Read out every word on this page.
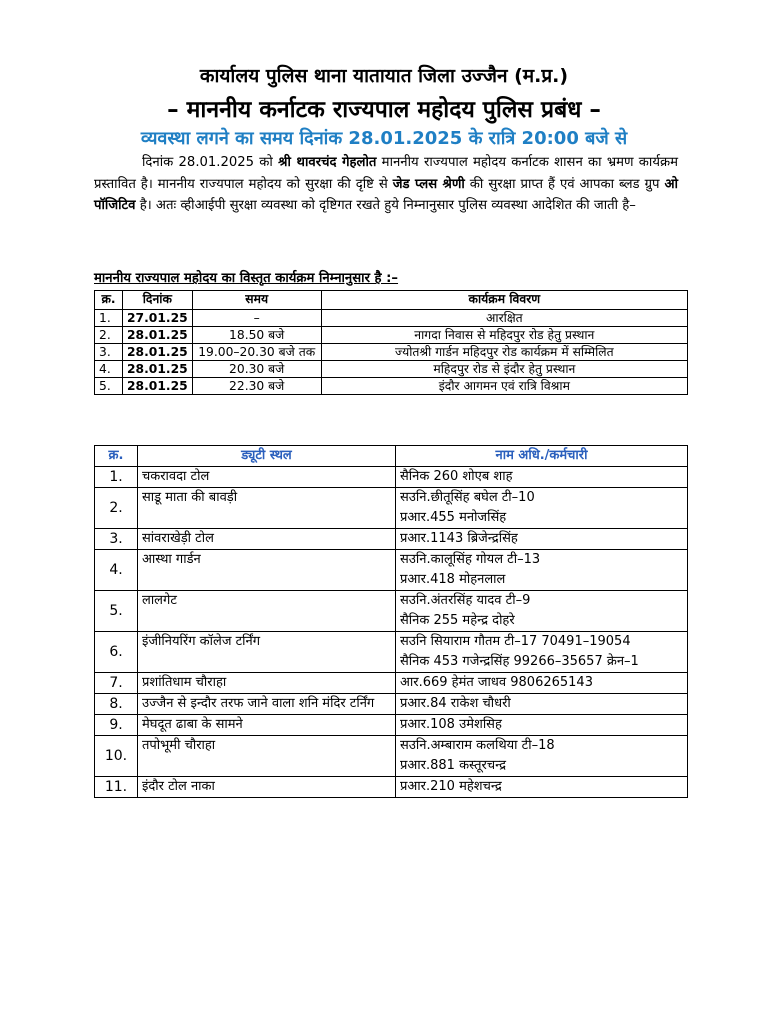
कार्यालय पुलिस थाना यातायात जिला उज्जैन (म.प्र.)
– माननीय कर्नाटक राज्यपाल महोदय पुलिस प्रबंध –
व्यवस्था लगने का समय दिनांक 28.01.2025 के रात्रि 20:00 बजे से
दिनांक 28.01.2025 को श्री थावरचंद गेहलोत माननीय राज्यपाल महोदय कर्नाटक शासन का भ्रमण कार्यक्रम प्रस्तावित है। माननीय राज्यपाल महोदय को सुरक्षा की दृष्टि से जेड प्लस श्रेणी की सुरक्षा प्राप्त हैं एवं आपका ब्लड ग्रुप ओ पॉजिटिव है। अतः व्हीआईपी सुरक्षा व्यवस्था को दृष्टिगत रखते हुये निम्नानुसार पुलिस व्यवस्था आदेशित की जाती है–
माननीय राज्यपाल महोदय का विस्तृत कार्यक्रम निम्नानुसार है :–
क्र.	दिनांक	समय	कार्यक्रम विवरण
1.	27.01.25	–	आरक्षित
2.	28.01.25	18.50 बजे	नागदा निवास से महिदपुर रोड हेतु प्रस्थान
3.	28.01.25	19.00–20.30 बजे तक	ज्योतश्री गार्डन महिदपुर रोड कार्यक्रम में सम्मिलित
4.	28.01.25	20.30 बजे	महिदपुर रोड से इंदौर हेतु प्रस्थान
5.	28.01.25	22.30 बजे	इंदौर आगमन एवं रात्रि विश्राम
क्र.	ड्यूटी स्थल	नाम अधि./कर्मचारी
1.	चकरावदा टोल	सैनिक 260 शोएब शाह

2.	साडू माता की बावड़ी	सउनि.छीतूसिंह बघेल टी–10
प्रआर.455 मनोजसिंह

3.	सांवराखेड़ी टोल	प्रआर.1143 ब्रिजेन्द्रसिंह

4.	आस्था गार्डन	सउनि.कालूसिंह गोयल टी–13
प्रआर.418 मोहनलाल

5.	लालगेट	सउनि.अंतरसिंह यादव टी–9
सैनिक 255 महेन्द्र दोहरे

6.	इंजीनियरिंग कॉलेज टर्निंग	सउनि सियाराम गौतम टी–17 70491–19054
सैनिक 453 गजेन्द्रसिंह 99266–35657 क्रेन–1

7.	प्रशांतिधाम चौराहा	आर.669 हेमंत जाधव 9806265143

8.	उज्जैन से इन्दौर तरफ जाने वाला शनि मंदिर टर्निंग	प्रआर.84 राकेश चौधरी

9.	मेघदूत ढाबा के सामने	प्रआर.108 उमेशसिह

10.	तपोभूमी चौराहा	सउनि.अम्बाराम कलथिया टी–18
प्रआर.881 कस्तूरचन्द्र

11.	इंदौर टोल नाका	प्रआर.210 महेशचन्द्र
